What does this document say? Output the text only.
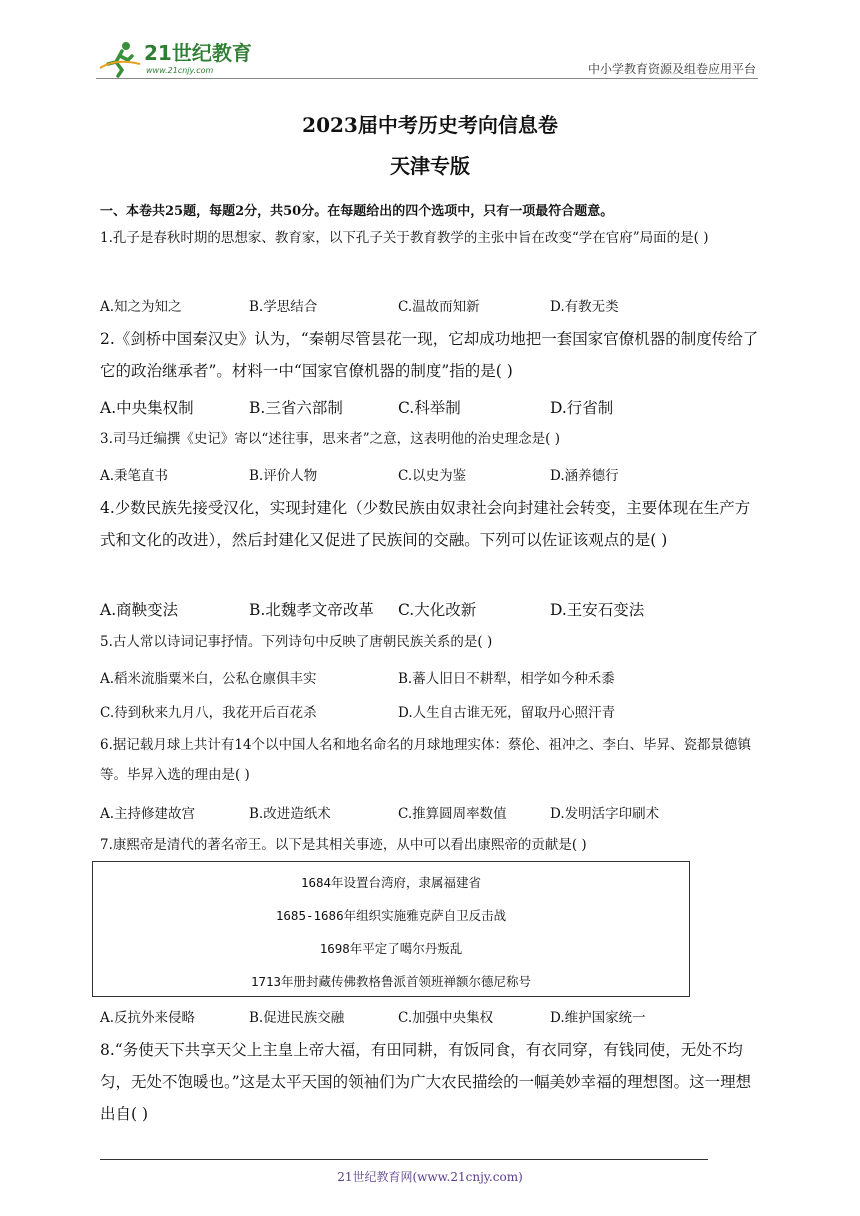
21世纪教育
www.21cnjy.com	中小学教育资源及组卷应用平台
2023届中考历史考向信息卷
天津专版
一、本卷共25题，每题2分，共50分。在每题给出的四个选项中，只有一项最符合题意。
1.孔子是春秋时期的思想家、教育家，以下孔子关于教育教学的主张中旨在改变“学在官府”局面的是( )
A.知之为知之	B.学思结合	C.温故而知新	D.有教无类
2.《剑桥中国秦汉史》认为，“秦朝尽管昙花一现，它却成功地把一套国家官僚机器的制度传给了它的政治继承者”。材料一中“国家官僚机器的制度”指的是( )
A.中央集权制	B.三省六部制	C.科举制	D.行省制
3.司马迁编撰《史记》寄以“述往事，思来者”之意，这表明他的治史理念是( )
A.秉笔直书	B.评价人物	C.以史为鉴	D.涵养德行
4.少数民族先接受汉化，实现封建化（少数民族由奴隶社会向封建社会转变，主要体现在生产方式和文化的改进），然后封建化又促进了民族间的交融。下列可以佐证该观点的是( )
A.商鞅变法	B.北魏孝文帝改革 C.大化改新	D.王安石变法
5.古人常以诗词记事抒情。下列诗句中反映了唐朝民族关系的是( )
A.稻米流脂粟米白，公私仓廪俱丰实	B.蕃人旧日不耕犁，相学如今种禾黍
C.待到秋来九月八，我花开后百花杀	D.人生自古谁无死，留取丹心照汗青
6.据记载月球上共计有14个以中国人名和地名命名的月球地理实体：蔡伦、祖冲之、李白、毕昇、瓷都景德镇等。毕昇入选的理由是( )
A.主持修建故宫	B.改进造纸术	C.推算圆周率数值	D.发明活字印刷术
7.康熙帝是清代的著名帝王。以下是其相关事迹，从中可以看出康熙帝的贡献是( )
1684年设置台湾府，隶属福建省
1685-1686年组织实施雅克萨自卫反击战
1698年平定了噶尔丹叛乱
1713年册封藏传佛教格鲁派首领班禅额尔德尼称号
A.反抗外来侵略	B.促进民族交融	C.加强中央集权	D.维护国家统一
8.“务使天下共享天父上主皇上帝大福，有田同耕，有饭同食，有衣同穿，有钱同使，无处不均匀，无处不饱暖也。”这是太平天国的领袖们为广大农民描绘的一幅美妙幸福的理想图。这一理想出自( )
21世纪教育网(www.21cnjy.com)
